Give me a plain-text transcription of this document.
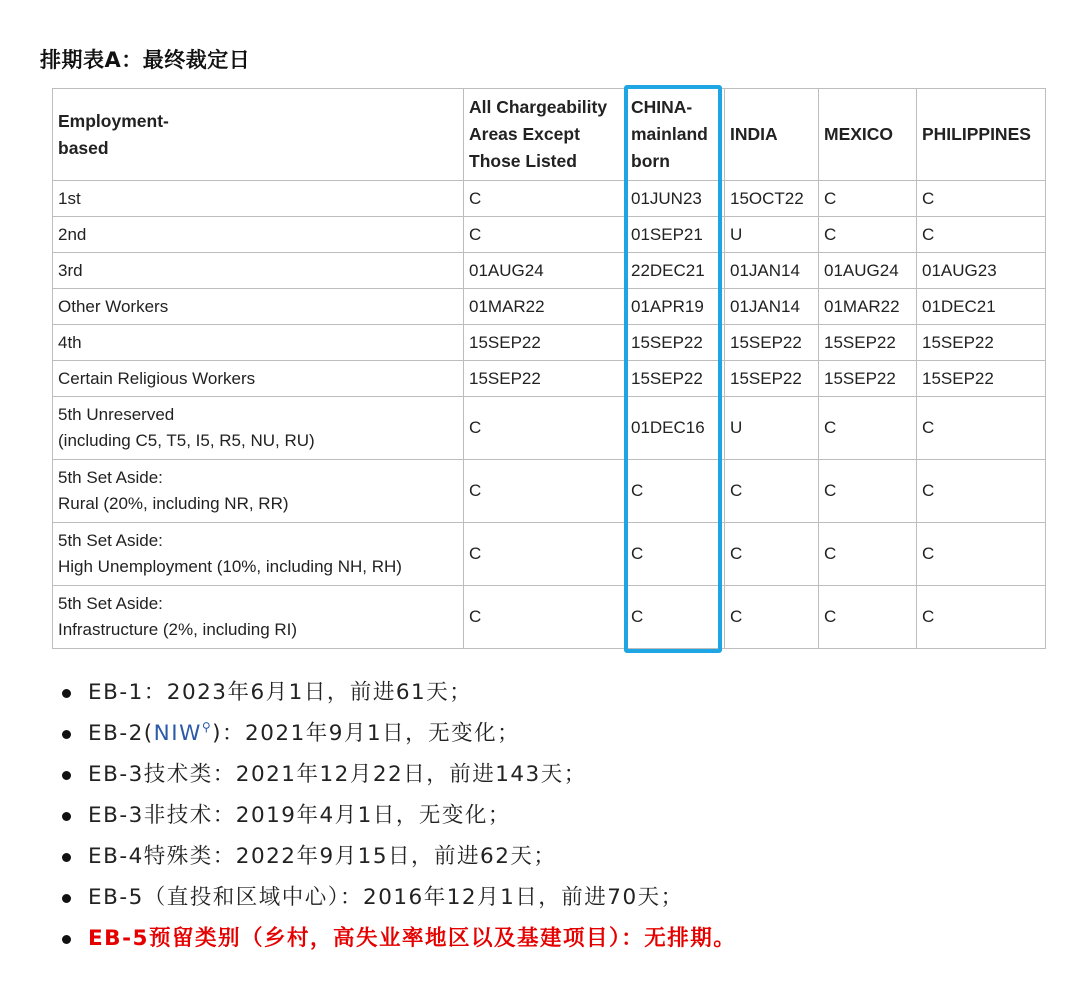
排期表A：最终裁定日
Employment-
based	All Chargeability Areas Except Those Listed	CHINA-mainland born	INDIA	MEXICO	PHILIPPINES
1st	C	01JUN23	15OCT22	C	C
2nd	C	01SEP21	U	C	C
3rd	01AUG24	22DEC21	01JAN14	01AUG24	01AUG23
Other Workers	01MAR22	01APR19	01JAN14	01MAR22	01DEC21
4th	15SEP22	15SEP22	15SEP22	15SEP22	15SEP22
Certain Religious Workers	15SEP22	15SEP22	15SEP22	15SEP22	15SEP22
5th Unreserved
(including C5, T5, I5, R5, NU, RU)	C	01DEC16	U	C	C
5th Set Aside:
Rural (20%, including NR, RR)	C	C	C	C	C
5th Set Aside:
High Unemployment (10%, including NH, RH)	C	C	C	C	C
5th Set Aside:
Infrastructure (2%, including RI)	C	C	C	C	C
EB-1：2023年6月1日，前进61天；
EB-2(NIW⚲)：2021年9月1日，无变化；
EB-3技术类：2021年12月22日，前进143天；
EB-3非技术：2019年4月1日，无变化；
EB-4特殊类：2022年9月15日，前进62天；
EB-5（直投和区域中心）：2016年12月1日，前进70天；
EB-5预留类别（乡村，高失业率地区以及基建项目）：无排期。
